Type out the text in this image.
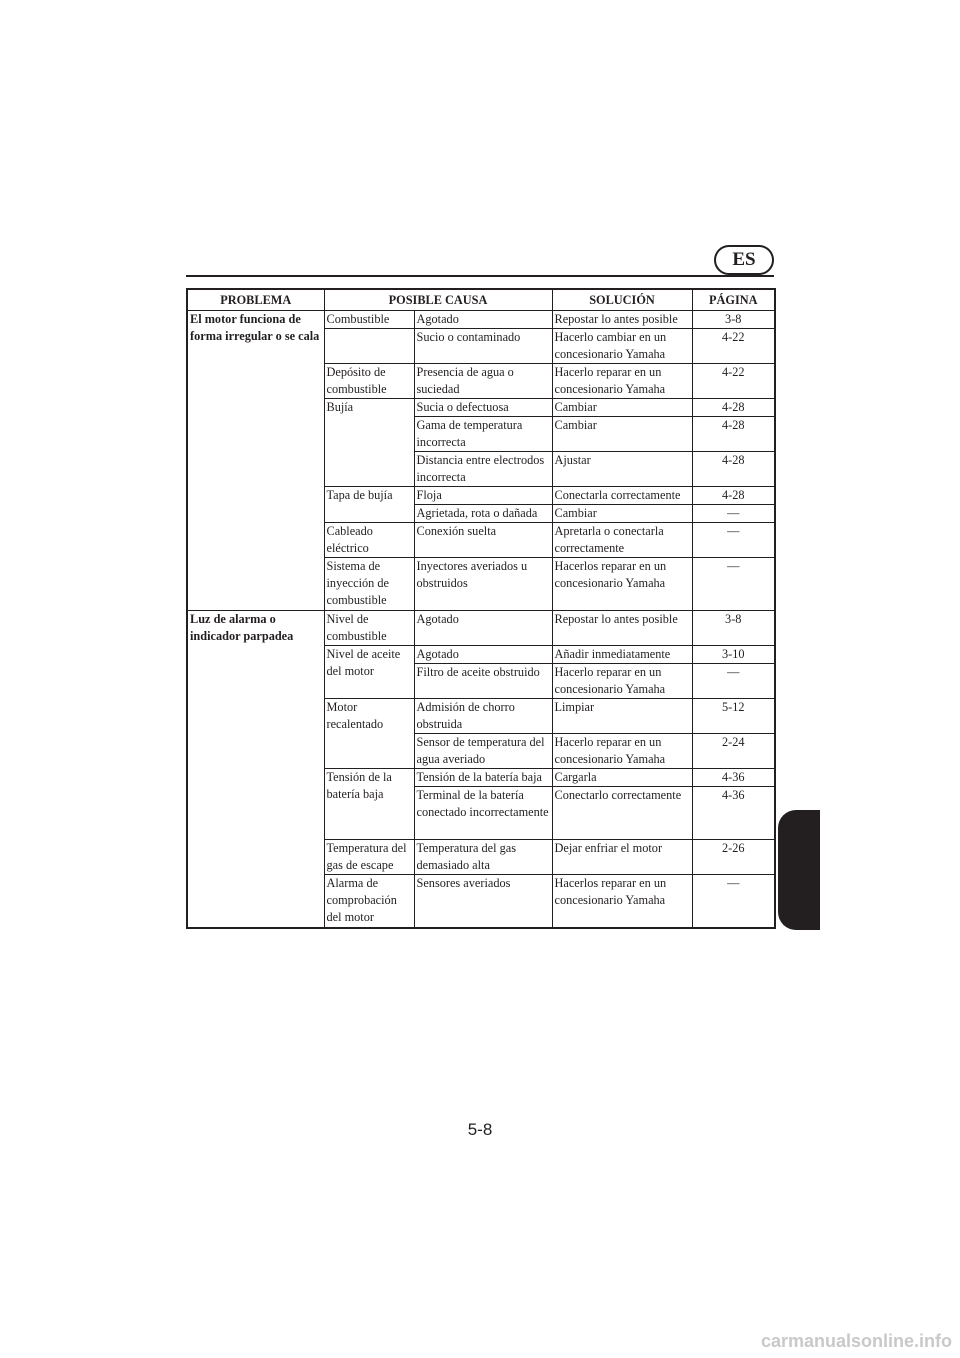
ES
PROBLEMA	POSIBLE CAUSA		SOLUCIÓN	PÁGINA
El motor funciona de forma irregular o se cala	Combustible	Agotado	Repostar lo antes posible	3-8
		Sucio o contaminado	Hacerlo cambiar en un concesionario Yamaha	4-22
	Depósito de combustible	Presencia de agua o suciedad	Hacerlo reparar en un concesionario Yamaha	4-22
	Bujía	Sucia o defectuosa	Cambiar	4-28
		Gama de temperatura incorrecta	Cambiar	4-28
		Distancia entre electrodos incorrecta	Ajustar	4-28
	Tapa de bujía	Floja	Conectarla correctamente	4-28
		Agrietada, rota o dañada	Cambiar	—
	Cableado eléctrico	Conexión suelta	Apretarla o conectarla correctamente	—
	Sistema de inyección de combustible	Inyectores averiados u obstruidos	Hacerlos reparar en un concesionario Yamaha	—
Luz de alarma o indicador parpadea	Nivel de combustible	Agotado	Repostar lo antes posible	3-8
	Nivel de aceite del motor	Agotado	Añadir inmediatamente	3-10
		Filtro de aceite obstruido	Hacerlo reparar en un concesionario Yamaha	—
	Motor recalentado	Admisión de chorro obstruida	Limpiar	5-12
		Sensor de temperatura del agua averiado	Hacerlo reparar en un concesionario Yamaha	2-24
	Tensión de la batería baja	Tensión de la batería baja	Cargarla	4-36
		Terminal de la batería conectado incorrectamente	Conectarlo correctamente	4-36
	Temperatura del gas de escape	Temperatura del gas demasiado alta	Dejar enfriar el motor	2-26
	Alarma de comprobación del motor	Sensores averiados	Hacerlos reparar en un concesionario Yamaha	—
5-8
carmanualsonline.info
